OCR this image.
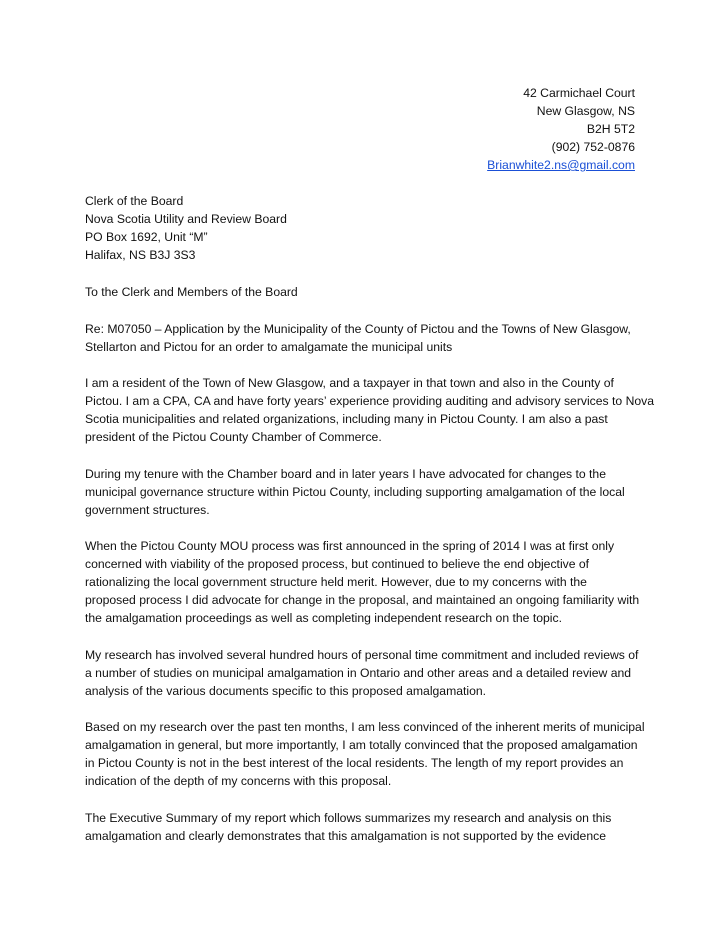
42 Carmichael Court
New Glasgow, NS
B2H 5T2
(902) 752-0876
Brianwhite2.ns@gmail.com
Clerk of the Board
Nova Scotia Utility and Review Board
PO Box 1692, Unit “M”
Halifax, NS B3J 3S3
To the Clerk and Members of the Board
Re: M07050 – Application by the Municipality of the County of Pictou and the Towns of New Glasgow,
Stellarton and Pictou for an order to amalgamate the municipal units
I am a resident of the Town of New Glasgow, and a taxpayer in that town and also in the County of
Pictou. I am a CPA, CA and have forty years’ experience providing auditing and advisory services to Nova
Scotia municipalities and related organizations, including many in Pictou County. I am also a past
president of the Pictou County Chamber of Commerce.
During my tenure with the Chamber board and in later years I have advocated for changes to the
municipal governance structure within Pictou County, including supporting amalgamation of the local
government structures.
When the Pictou County MOU process was first announced in the spring of 2014 I was at first only
concerned with viability of the proposed process, but continued to believe the end objective of
rationalizing the local government structure held merit. However, due to my concerns with the
proposed process I did advocate for change in the proposal, and maintained an ongoing familiarity with
the amalgamation proceedings as well as completing independent research on the topic.
My research has involved several hundred hours of personal time commitment and included reviews of
a number of studies on municipal amalgamation in Ontario and other areas and a detailed review and
analysis of the various documents specific to this proposed amalgamation.
Based on my research over the past ten months, I am less convinced of the inherent merits of municipal
amalgamation in general, but more importantly, I am totally convinced that the proposed amalgamation
in Pictou County is not in the best interest of the local residents. The length of my report provides an
indication of the depth of my concerns with this proposal.
The Executive Summary of my report which follows summarizes my research and analysis on this
amalgamation and clearly demonstrates that this amalgamation is not supported by the evidence
